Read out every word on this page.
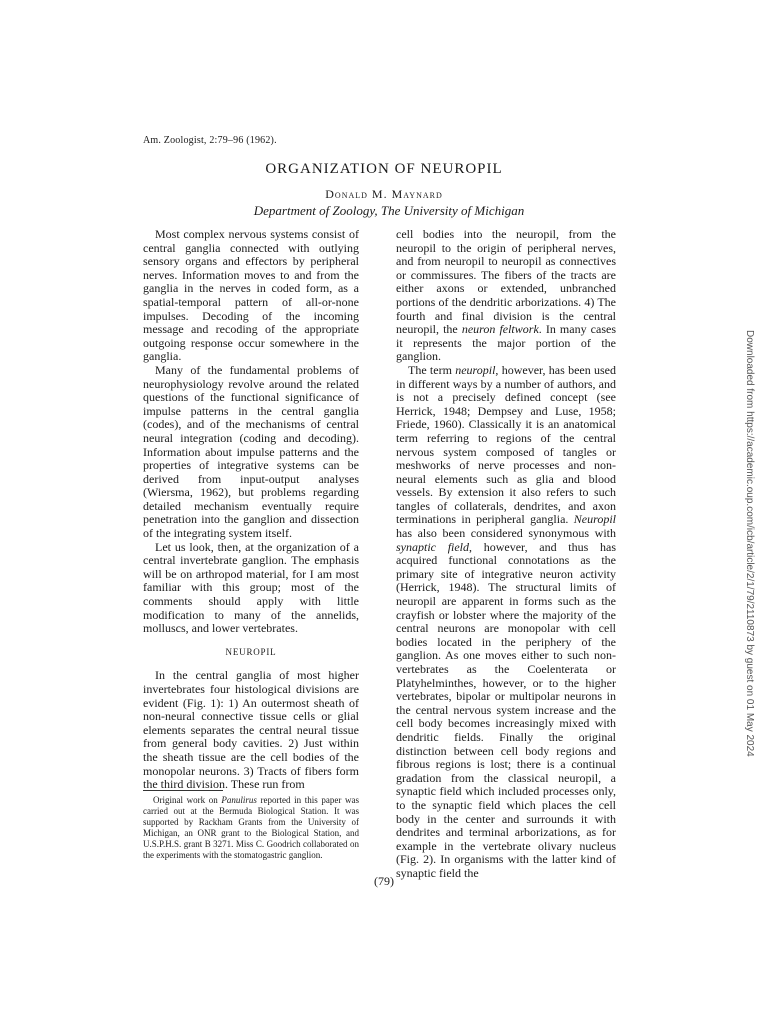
Am. Zoologist, 2:79–96 (1962).
ORGANIZATION OF NEUROPIL
Donald M. Maynard
Department of Zoology, The University of Michigan

Most complex nervous systems consist of central ganglia connected with outlying sensory organs and effectors by peripheral nerves. Information moves to and from the ganglia in the nerves in coded form, as a spatial-temporal pattern of all-or-none impulses. Decoding of the incoming message and recoding of the appropriate outgoing response occur somewhere in the ganglia.

Many of the fundamental problems of neurophysiology revolve around the related questions of the functional significance of impulse patterns in the central ganglia (codes), and of the mechanisms of central neural integration (coding and decoding). Information about impulse patterns and the properties of integrative systems can be derived from input-output analyses (Wiersma, 1962), but problems regarding detailed mechanism eventually require penetration into the ganglion and dissection of the integrating system itself.

Let us look, then, at the organization of a central invertebrate ganglion. The emphasis will be on arthropod material, for I am most familiar with this group; most of the comments should apply with little modification to many of the annelids, molluscs, and lower vertebrates.

NEUROPIL

In the central ganglia of most higher invertebrates four histological divisions are evident (Fig. 1): 1) An outermost sheath of non-neural connective tissue cells or glial elements separates the central neural tissue from general body cavities. 2) Just within the sheath tissue are the cell bodies of the monopolar neurons. 3) Tracts of fibers form the third division. These run from

cell bodies into the neuropil, from the neuropil to the origin of peripheral nerves, and from neuropil to neuropil as connectives or commissures. The fibers of the tracts are either axons or extended, unbranched portions of the dendritic arborizations. 4) The fourth and final division is the central neuropil, the neuron feltwork. In many cases it represents the major portion of the ganglion.

The term neuropil, however, has been used in different ways by a number of authors, and is not a precisely defined concept (see Herrick, 1948; Dempsey and Luse, 1958; Friede, 1960). Classically it is an anatomical term referring to regions of the central nervous system composed of tangles or meshworks of nerve processes and non-neural elements such as glia and blood vessels. By extension it also refers to such tangles of collaterals, dendrites, and axon terminations in peripheral ganglia. Neuropil has also been considered synonymous with synaptic field, however, and thus has acquired functional connotations as the primary site of integrative neuron activity (Herrick, 1948). The structural limits of neuropil are apparent in forms such as the crayfish or lobster where the majority of the central neurons are monopolar with cell bodies located in the periphery of the ganglion. As one moves either to such non-vertebrates as the Coelenterata or Platyhelminthes, however, or to the higher vertebrates, bipolar or multipolar neurons in the central nervous system increase and the cell body becomes increasingly mixed with dendritic fields. Finally the original distinction between cell body regions and fibrous regions is lost; there is a continual gradation from the classical neuropil, a synaptic field which included processes only, to the synaptic field which places the cell body in the center and surrounds it with dendrites and terminal arborizations, as for example in the vertebrate olivary nucleus (Fig. 2). In organisms with the latter kind of synaptic field the

Original work on Panulirus reported in this paper was carried out at the Bermuda Biological Station. It was supported by Rackham Grants from the University of Michigan, an ONR grant to the Biological Station, and U.S.P.H.S. grant B 3271. Miss C. Goodrich collaborated on the experiments with the stomatogastric ganglion.

(79)
Downloaded from https://academic.oup.com/icb/article/2/1/79/2110873 by guest on 01 May 2024
